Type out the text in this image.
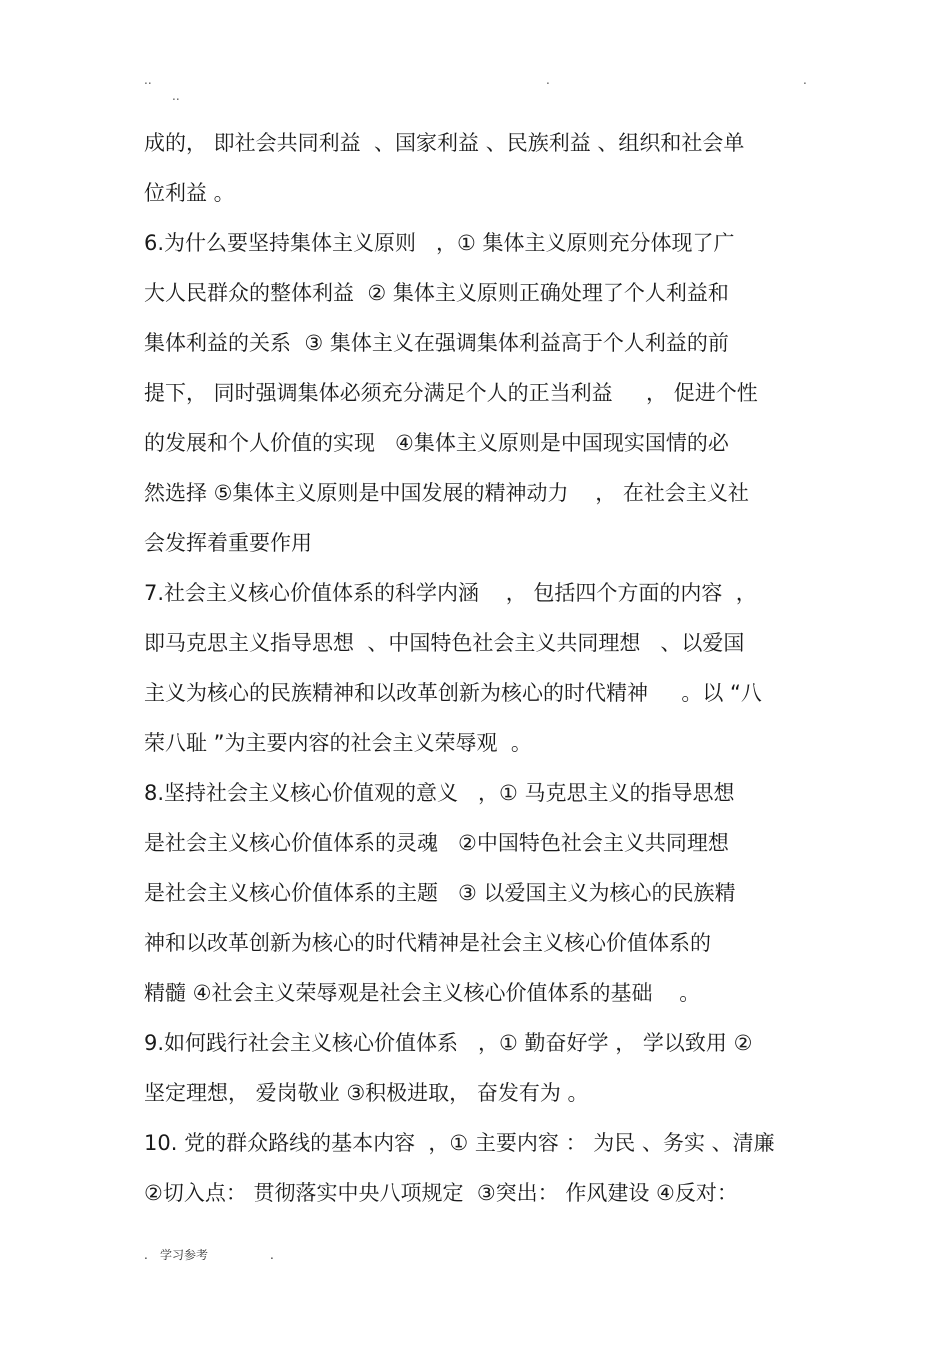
..	.	.
..
成的， 即社会共同利益  、国家利益 、民族利益 、组织和社会单
位利益 。
6.为什么要坚持集体主义原则   ，① 集体主义原则充分体现了广
大人民群众的整体利益  ② 集体主义原则正确处理了个人利益和
集体利益的关系  ③ 集体主义在强调集体利益高于个人利益的前
提下， 同时强调集体必须充分满足个人的正当利益     ， 促进个性
的发展和个人价值的实现   ④集体主义原则是中国现实国情的必
然选择 ⑤集体主义原则是中国发展的精神动力    ， 在社会主义社
会发挥着重要作用
7.社会主义核心价值体系的科学内涵    ， 包括四个方面的内容  ，
即马克思主义指导思想  、中国特色社会主义共同理想   、以爱国
主义为核心的民族精神和以改革创新为核心的时代精神     。以 “八
荣八耻 ”为主要内容的社会主义荣辱观  。
8.坚持社会主义核心价值观的意义   ，① 马克思主义的指导思想
是社会主义核心价值体系的灵魂   ②中国特色社会主义共同理想
是社会主义核心价值体系的主题   ③ 以爱国主义为核心的民族精
神和以改革创新为核心的时代精神是社会主义核心价值体系的
精髓 ④社会主义荣辱观是社会主义核心价值体系的基础    。
9.如何践行社会主义核心价值体系   ，① 勤奋好学 ， 学以致用 ②
坚定理想， 爱岗敬业 ③积极进取， 奋发有为 。
10. 党的群众路线的基本内容  ，① 主要内容 ： 为民 、务实 、清廉
②切入点： 贯彻落实中央八项规定  ③突出： 作风建设 ④反对：
. 学习参考	.
